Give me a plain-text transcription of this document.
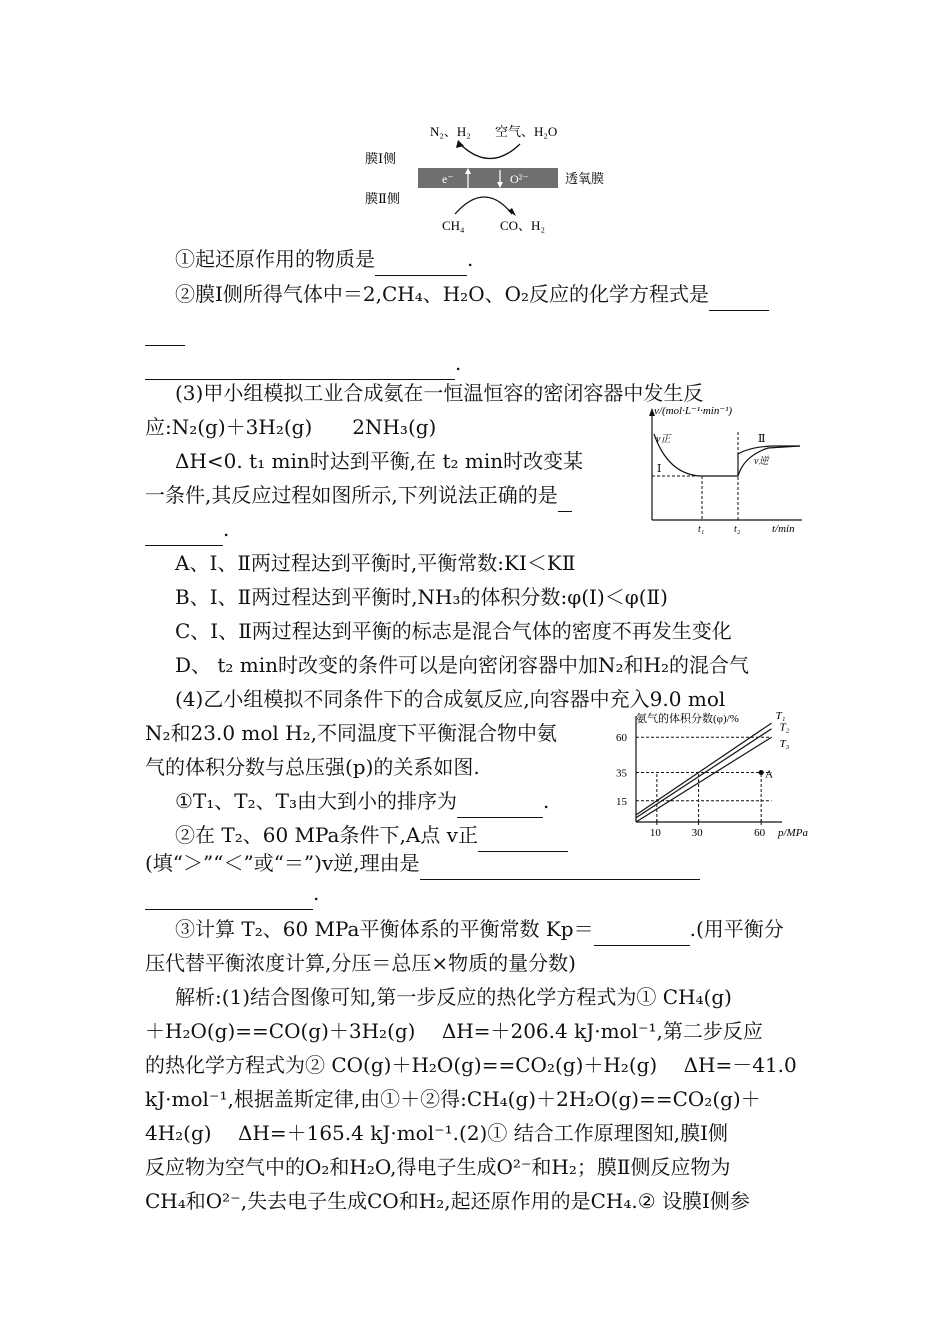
N₂、H₂ 空气、H₂O
膜Ⅰ侧
膜Ⅱ侧
e⁻	O²⁻	透氧膜
CH₄	CO、H₂
①起还原作用的物质是	.
②膜Ⅰ侧所得气体中＝2,CH₄、H₂O、O₂反应的化学方程式是
.
(3)甲小组模拟工业合成氨在一恒温恒容的密闭容器中发生反
应:N₂(g)＋3H₂(g) 2NH₃(g)
ΔH<0. t₁ min时达到平衡,在 t₂ min时改变某
一条件,其反应过程如图所示,下列说法正确的是
.
v/(mol·L⁻¹·min⁻¹)
t/min
Ⅰ
Ⅱ
v正
v逆
t₁	t₂
A、Ⅰ、Ⅱ两过程达到平衡时,平衡常数:KⅠ＜KⅡ
B、Ⅰ、Ⅱ两过程达到平衡时,NH₃的体积分数:φ(Ⅰ)＜φ(Ⅱ)
C、Ⅰ、Ⅱ两过程达到平衡的标志是混合气体的密度不再发生变化
D、 t₂ min时改变的条件可以是向密闭容器中加N₂和H₂的混合气
(4)乙小组模拟不同条件下的合成氨反应,向容器中充入9.0 mol
N₂和23.0 mol H₂,不同温度下平衡混合物中氨
气的体积分数与总压强(p)的关系如图.
①T₁、T₂、T₃由大到小的排序为	.
②在 T₂、60 MPa条件下,A点 v正
(填“＞”“＜”或“＝”)v逆,理由是
.
③计算 T₂、60 MPa平衡体系的平衡常数 Kp＝	.(用平衡分
压代替平衡浓度计算,分压＝总压×物质的量分数)
氨气的体积分数(φ)/%
p/MPa
10	30	60
15
35
60
T₁
T₂
T₃
A
解析:(1)结合图像可知,第一步反应的热化学方程式为① CH₄(g)
＋H₂O(g)==CO(g)＋3H₂(g)　 ΔH=＋206.4 kJ·mol⁻¹,第二步反应
的热化学方程式为② CO(g)＋H₂O(g)==CO₂(g)＋H₂(g)　 ΔH=－41.0
kJ·mol⁻¹,根据盖斯定律,由①＋②得:CH₄(g)＋2H₂O(g)==CO₂(g)＋
4H₂(g)　 ΔH=＋165.4 kJ·mol⁻¹.(2)① 结合工作原理图知,膜Ⅰ侧
反应物为空气中的O₂和H₂O,得电子生成O²⁻和H₂；膜Ⅱ侧反应物为
CH₄和O²⁻,失去电子生成CO和H₂,起还原作用的是CH₄.② 设膜Ⅰ侧参
